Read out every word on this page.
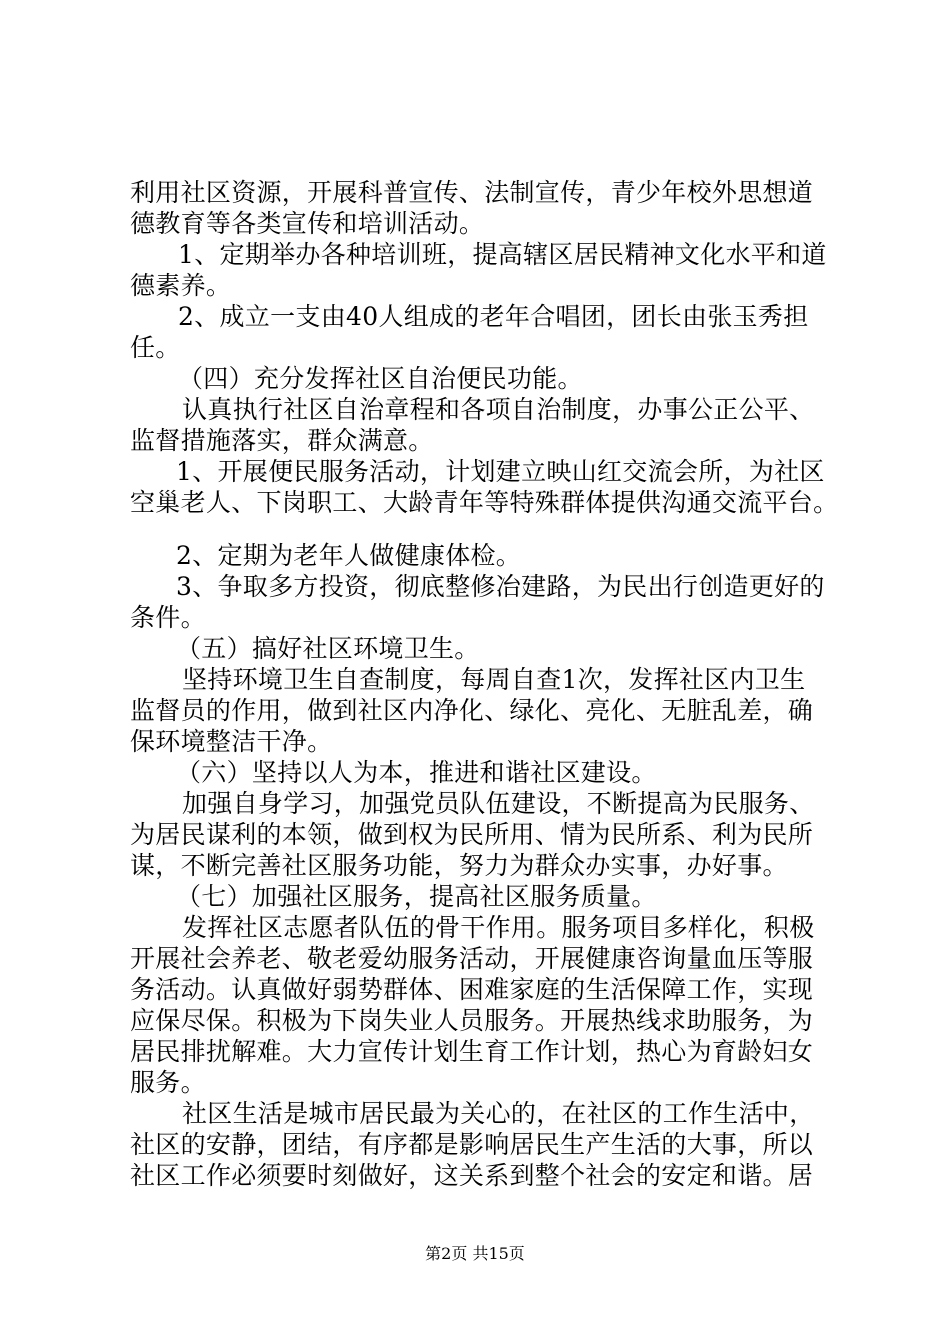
利用社区资源，开展科普宣传、法制宣传，青少年校外思想道
德教育等各类宣传和培训活动。
1、定期举办各种培训班，提高辖区居民精神文化水平和道
德素养。
2、成立一支由40人组成的老年合唱团，团长由张玉秀担
任。
（四）充分发挥社区自治便民功能。
认真执行社区自治章程和各项自治制度，办事公正公平、
监督措施落实，群众满意。
1、开展便民服务活动，计划建立映山红交流会所，为社区
空巢老人、下岗职工、大龄青年等特殊群体提供沟通交流平台。
2、定期为老年人做健康体检。
3、争取多方投资，彻底整修冶建路，为民出行创造更好的
条件。
（五）搞好社区环境卫生。
坚持环境卫生自查制度，每周自查1次，发挥社区内卫生
监督员的作用，做到社区内净化、绿化、亮化、无脏乱差，确
保环境整洁干净。
（六）坚持以人为本，推进和谐社区建设。
加强自身学习，加强党员队伍建设，不断提高为民服务、
为居民谋利的本领，做到权为民所用、情为民所系、利为民所
谋，不断完善社区服务功能，努力为群众办实事，办好事。
（七）加强社区服务，提高社区服务质量。
发挥社区志愿者队伍的骨干作用。服务项目多样化，积极
开展社会养老、敬老爱幼服务活动，开展健康咨询量血压等服
务活动。认真做好弱势群体、困难家庭的生活保障工作，实现
应保尽保。积极为下岗失业人员服务。开展热线求助服务，为
居民排扰解难。大力宣传计划生育工作计划，热心为育龄妇女
服务。
社区生活是城市居民最为关心的，在社区的工作生活中，
社区的安静，团结，有序都是影响居民生产生活的大事，所以
社区工作必须要时刻做好，这关系到整个社会的安定和谐。居
第2页 共15页
